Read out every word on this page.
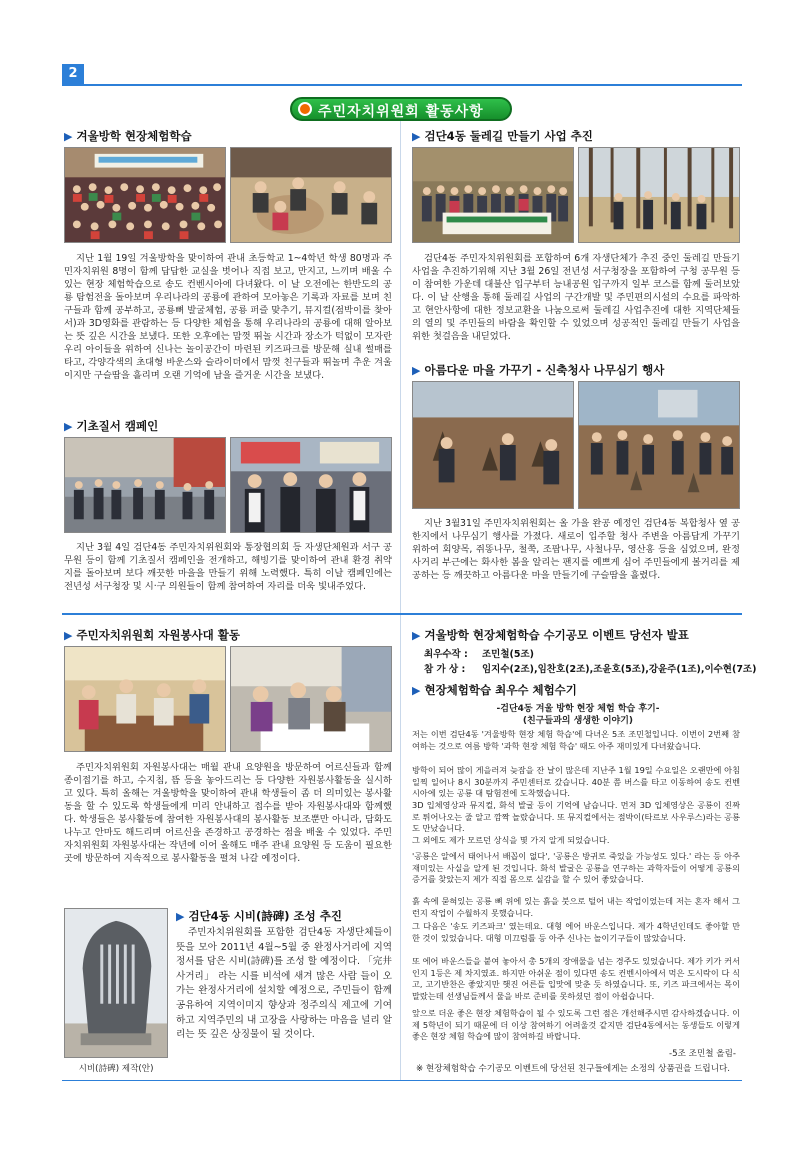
2
주민자치위원회 활동사항
▶ 겨울방학 현장체험학습
지난 1월 19일 겨울방학을 맞이하여 관내 초등학교 1~4학년 학생 80명과 주민자치위원 8명이 함께 답답한 교실을 벗어나 직접 보고, 만지고, 느끼며 배울 수 있는 현장 체험학습으로 송도 컨벤시아에 다녀왔다. 이 날 오전에는 한반도의 공룡 탐험전을 돌아보며 우리나라의 공룡에 관하여 모아놓은 기록과 자료를 보며 친구들과 함께 공부하고, 공룡뼈 발굴체험, 공룡 퍼즐 맞추기, 뮤지컬(점박이를 찾아서)과 3D영화를 관람하는 등 다양한 체험을 통해 우리나라의 공룡에 대해 알아보는 뜻 깊은 시간을 보냈다. 또한 오후에는 맘껏 뛰놀 시간과 장소가 턱없이 모자란 우리 아이들을 위하여 신나는 놀이공간이 마련된 키즈파크를 방문해 실내 썰매를 타고, 각양각색의 초대형 바운스와 슬라이더에서 맘껏 친구들과 뛰놀며 추운 겨울이지만 구슬땀을 흘리며 오랜 기억에 남을 즐거운 시간을 보냈다.
▶ 기초질서 캠페인
지난 3월 4일 검단4동 주민자치위원회와 통장협의회 등 자생단체원과 서구 공무원 등이 함께 기초질서 캠페인을 전개하고, 해빙기를 맞이하여 관내 환경 취약지를 돌아보며 보다 깨끗한 마을을 만들기 위해 노력했다. 특히 이날 캠페인에는 전년성 서구청장 및 시·구 의원들이 함께 참여하여 자리를 더욱 빛내주었다.
▶ 주민자치위원회 자원봉사대 활동
주민자치위원회 자원봉사대는 매월 관내 요양원을 방문하여 어르신들과 함께 종이접기를 하고, 수지침, 뜸 등을 놓아드리는 등 다양한 자원봉사활동을 실시하고 있다. 특히 올해는 겨울방학을 맞이하여 관내 학생들이 좀 더 의미있는 봉사활동을 할 수 있도록 학생들에게 미리 안내하고 접수를 받아 자원봉사대와 함께했다. 학생들은 봉사활동에 참여한 자원봉사대의 봉사활동 보조뿐만 아니라, 담화도 나누고 안마도 해드리며 어르신을 존경하고 공경하는 점을 배울 수 있었다. 주민자치위원회 자원봉사대는 작년에 이어 올해도 매주 관내 요양원 등 도움이 필요한 곳에 방문하여 지속적으로 봉사활동을 펼쳐 나갈 예정이다.
시비(詩碑) 제작(안)
▶ 검단4동 시비(詩碑) 조성 추진
주민자치위원회를 포함한 검단4동 자생단체들이 뜻을 모아 2011년 4월~5월 중 완정사거리에 지역정서를 담은 시비(詩碑)를 조성 할 예정이다. 「完井사거리」 라는 시를 비석에 새겨 많은 사람 들이 오가는 완정사거리에 설치할 예정으로, 주민들이 함께 공유하여 지역이미지 향상과 정주의식 제고에 기여하고 지역주민의 내 고장을 사랑하는 마음을 널리 알리는 뜻 깊은 상징물이 될 것이다.
▶ 검단4동 둘레길 만들기 사업 추진
검단4동 주민자치위원회를 포함하여 6개 자생단체가 추진 중인 둘레길 만들기 사업을 추진하기위해 지난 3월 26일 전년성 서구청장을 포함하여 구청 공무원 등이 참여한 가운데 대불산 입구부터 능내공원 입구까지 일부 코스를 함께 둘러보았다. 이 날 산행을 통해 둘레길 사업의 구간개발 및 주민편의시설의 수요를 파악하고 현안사항에 대한 정보교환을 나눔으로써 둘레길 사업추진에 대한 지역단체들의 열의 및 주민들의 바람을 확인할 수 있었으며 성공적인 둘레길 만들기 사업을 위한 첫걸음을 내딛었다.
▶ 아름다운 마을 가꾸기 - 신축청사 나무심기 행사
지난 3월31일 주민자치위원회는 올 가을 완공 예정인 검단4동 복합청사 옆 공한지에서 나무심기 행사를 가졌다. 새로이 입주할 청사 주변을 아름답게 가꾸기 위하여 회양목, 쥐똥나무, 철쭉, 조팝나무, 사철나무, 영산홍 등을 심었으며, 완정사거리 부근에는 화사한 봄을 알리는 팬지를 예쁘게 심어 주민들에게 볼거리를 제공하는 등 깨끗하고 아름다운 마을 만들기에 구슬땀을 흘렸다.
▶ 겨울방학 현장체험학습 수기공모 이벤트 당선자 발표
최우수작 : 조민철(5조)
참 가 상 : 임지수(2조),임찬호(2조),조윤호(5조),강윤주(1조),이수현(7조)
▶ 현장체험학습 최우수 체험수기
-검단4동 겨울 방학 현장 체험 학습 후기-
(친구들과의 생생한 이야기)
저는 이번 검단4동 '겨울방학 현장 체험 학습'에 다녀온 5조 조민철입니다. 이번이 2번째 참여하는 것으로 여름 방학 '과학 현장 체험 학습' 때도 아주 재미있게 다녀왔습니다.
방학이 되어 많이 게을러져 늦잠을 잔 날이 많은데 지난주 1월 19일 수요일은 오랜만에 아침 일찍 일어나 8시 30분까지 주민센터로 갔습니다. 40분 쯤 버스를 타고 이동하여 송도 컨벤시아에 있는 공룡 대 탐험전에 도착했습니다.
3D 입체영상과 뮤지컬, 화석 발굴 등이 기억에 남습니다. 먼저 3D 입체영상은 공룡이 진짜로 튀어나오는 줄 알고 깜짝 놀랐습니다. 또 뮤지컬에서는 점박이(타르보 사우루스)라는 공룡도 만났습니다.
그 외에도 제가 모르던 상식을 몇 가지 알게 되었습니다.
'공룡은 알에서 태어나서 배꼽이 없다', '공룡은 방귀로 죽었을 가능성도 있다.' 라는 등 아주 재미있는 사실을 알게 된 것입니다. 화석 발굴은 공룡을 연구하는 과학자들이 어떻게 공룡의 증거를 찾았는지 제가 직접 몸으로 실감을 할 수 있어 좋았습니다.
흙 속에 묻혀있는 공룡 뼈 위에 있는 흙을 붓으로 털어 내는 작업이었는데 저는 혼자 해서 그런지 작업이 수월하지 못했습니다.
그 다음은 '송도 키즈파크' 였는데요. 대형 에어 바운스입니다. 제가 4학년인데도 좋아할 만한 것이 있었습니다. 대형 미끄럼틀 등 아주 신나는 놀이기구들이 많았습니다.
또 에어 바운스들을 붙여 놓아서 총 5개의 장애물을 넘는 경주도 있었습니다. 제가 키가 커서인지 1등은 제 차지였죠. 하지만 아쉬운 점이 있다면 송도 컨벤시아에서 먹은 도시락이 다 식고, 고기반찬은 좋았지만 햇진 어른들 입맛에 맞춘 듯 하였습니다. 또, 키즈 파크에서는 목이 말랐는데 선생님들께서 물을 바로 준비를 못하셨던 점이 아쉽습니다.
앞으로 더운 좋은 현장 체험학습이 될 수 있도록 그런 점은 개선해주시면 감사하겠습니다. 이제 5학년이 되기 때문에 더 이상 참여하기 어려울것 같지만 검단4동에서는 동생들도 이렇게 좋은 현장 체험 학습에 많이 참여하길 바랍니다.
-5조 조민철 올림-
※ 현장체험학습 수기공모 이벤트에 당선된 친구들에게는 소정의 상품권을 드립니다.
